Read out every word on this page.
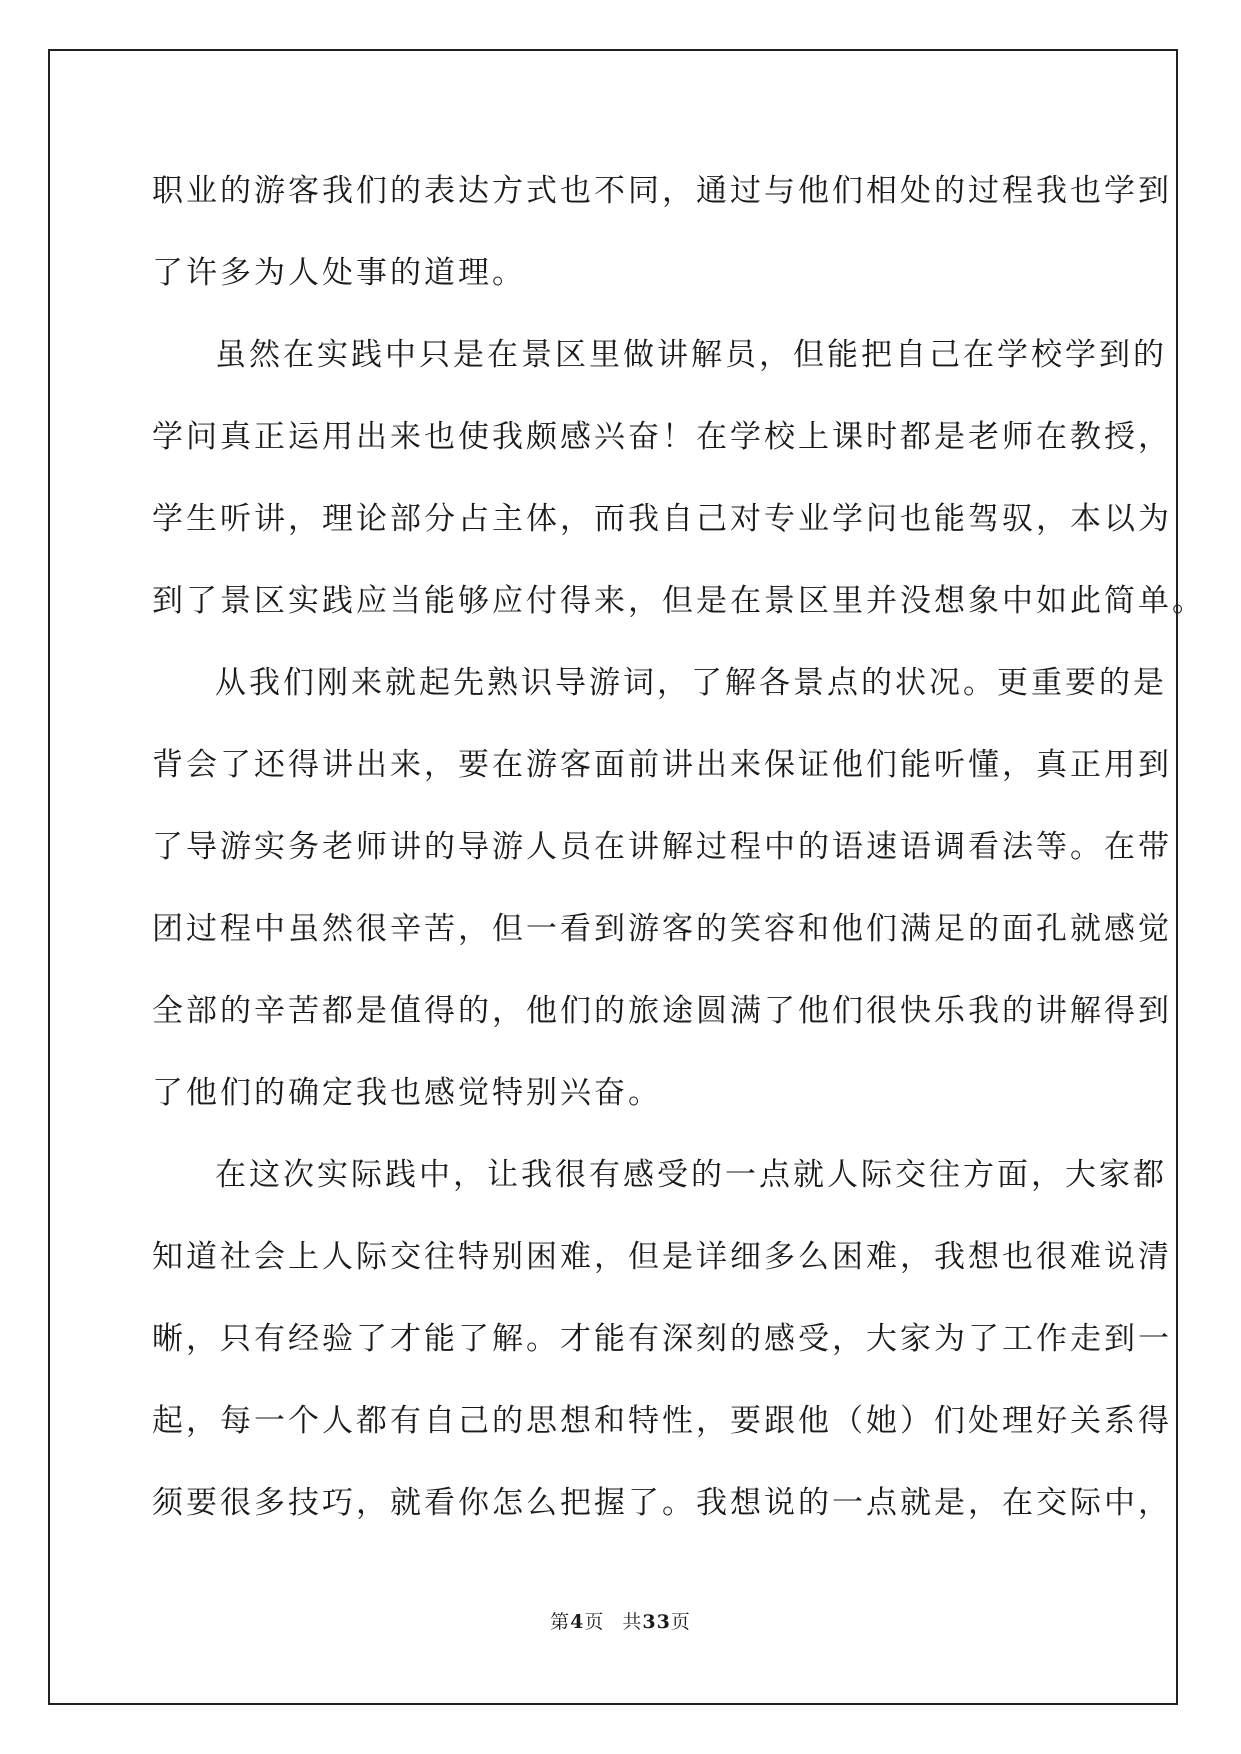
职业的游客我们的表达方式也不同，通过与他们相处的过程我也学到
了许多为人处事的道理。
虽然在实践中只是在景区里做讲解员，但能把自己在学校学到的
学问真正运用出来也使我颇感兴奋！在学校上课时都是老师在教授，
学生听讲，理论部分占主体，而我自己对专业学问也能驾驭，本以为
到了景区实践应当能够应付得来，但是在景区里并没想象中如此简单。
从我们刚来就起先熟识导游词，了解各景点的状况。更重要的是
背会了还得讲出来，要在游客面前讲出来保证他们能听懂，真正用到
了导游实务老师讲的导游人员在讲解过程中的语速语调看法等。在带
团过程中虽然很辛苦，但一看到游客的笑容和他们满足的面孔就感觉
全部的辛苦都是值得的，他们的旅途圆满了他们很快乐我的讲解得到
了他们的确定我也感觉特别兴奋。
在这次实际践中，让我很有感受的一点就人际交往方面，大家都
知道社会上人际交往特别困难，但是详细多么困难，我想也很难说清
晰，只有经验了才能了解。才能有深刻的感受，大家为了工作走到一
起，每一个人都有自己的思想和特性，要跟他（她）们处理好关系得
须要很多技巧，就看你怎么把握了。我想说的一点就是，在交际中，
第4页 共33页
